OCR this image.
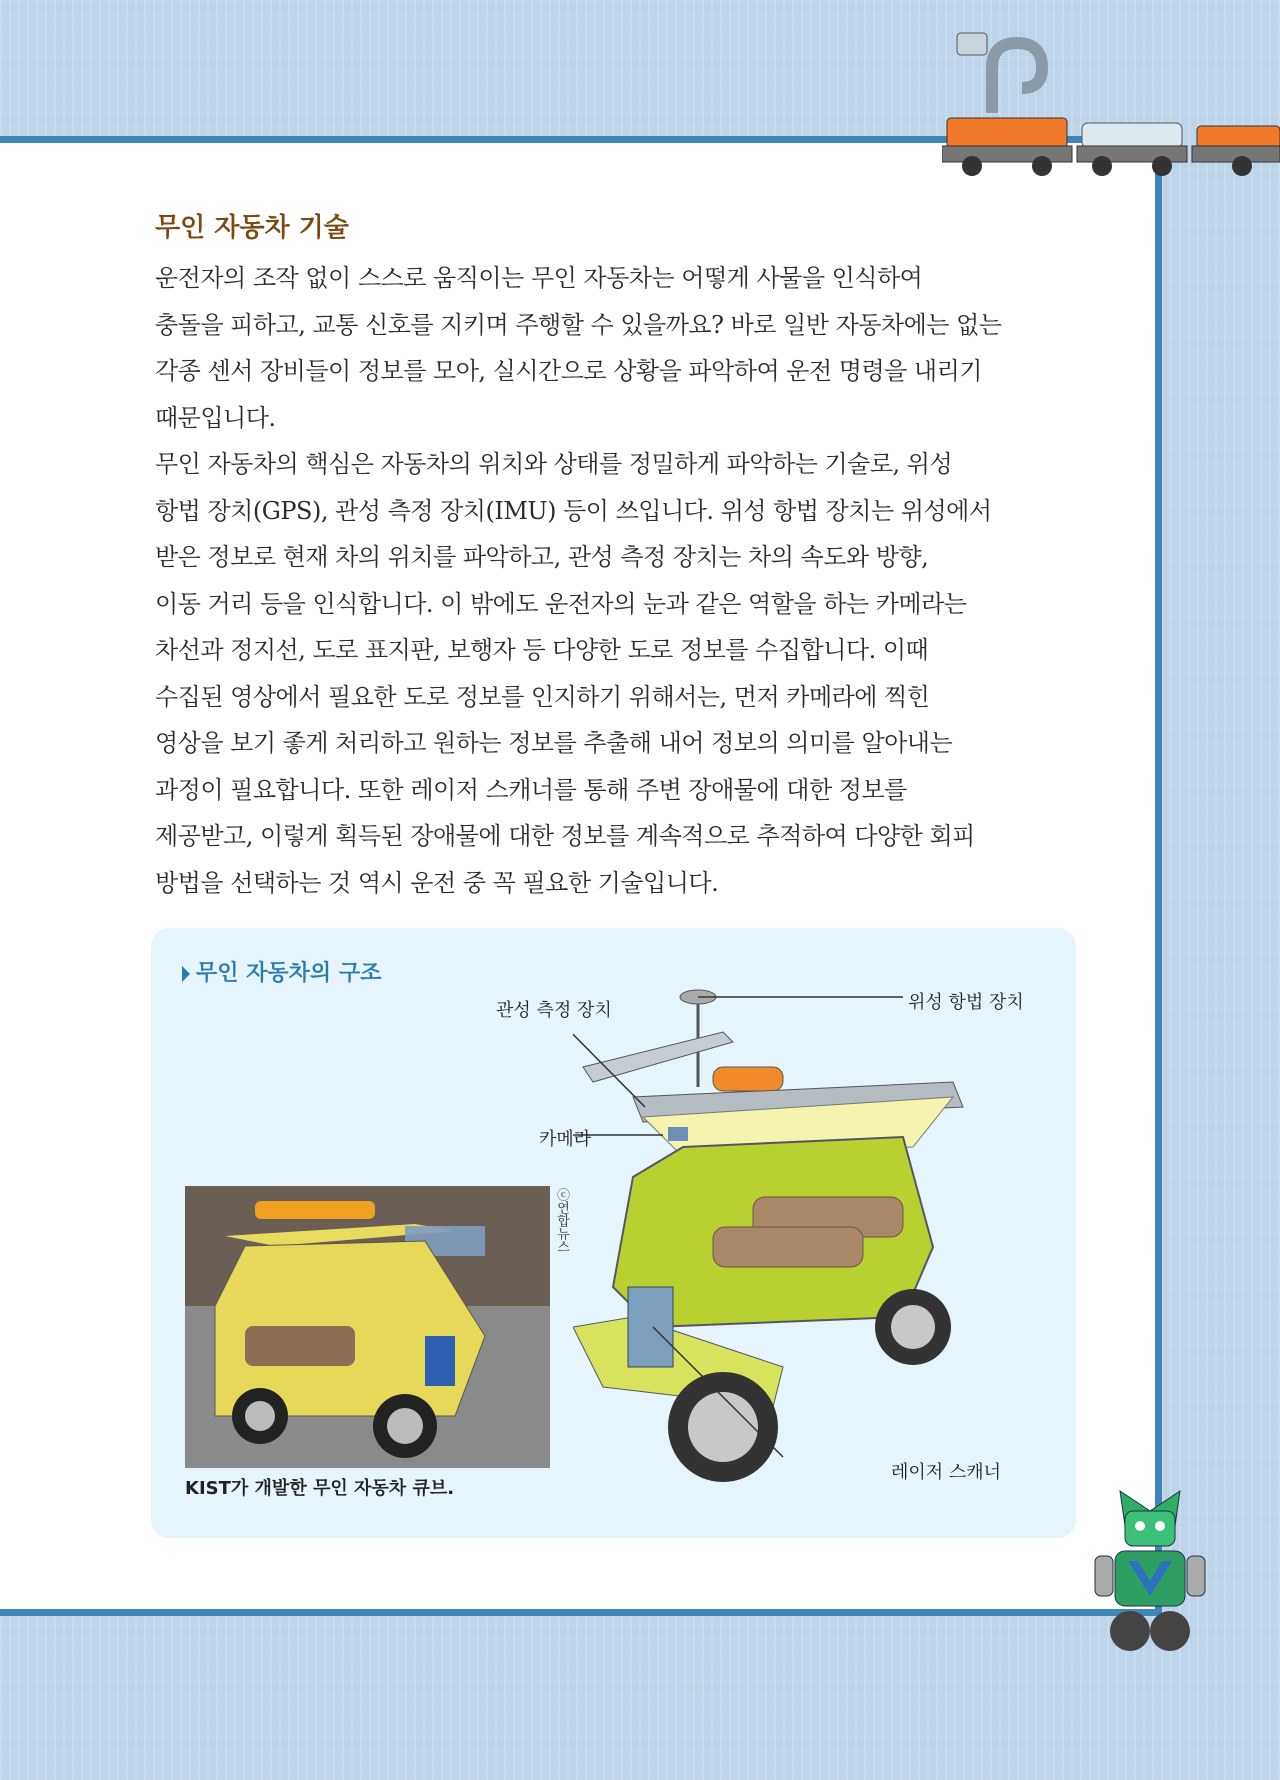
무인 자동차 기술

운전자의 조작 없이 스스로 움직이는 무인 자동차는 어떻게 사물을 인식하여

충돌을 피하고, 교통 신호를 지키며 주행할 수 있을까요? 바로 일반 자동차에는 없는

각종 센서 장비들이 정보를 모아, 실시간으로 상황을 파악하여 운전 명령을 내리기

때문입니다.

무인 자동차의 핵심은 자동차의 위치와 상태를 정밀하게 파악하는 기술로, 위성

항법 장치(GPS), 관성 측정 장치(IMU) 등이 쓰입니다. 위성 항법 장치는 위성에서

받은 정보로 현재 차의 위치를 파악하고, 관성 측정 장치는 차의 속도와 방향,

이동 거리 등을 인식합니다. 이 밖에도 운전자의 눈과 같은 역할을 하는 카메라는

차선과 정지선, 도로 표지판, 보행자 등 다양한 도로 정보를 수집합니다. 이때

수집된 영상에서 필요한 도로 정보를 인지하기 위해서는, 먼저 카메라에 찍힌

영상을 보기 좋게 처리하고 원하는 정보를 추출해 내어 정보의 의미를 알아내는

과정이 필요합니다. 또한 레이저 스캐너를 통해 주변 장애물에 대한 정보를

제공받고, 이렇게 획득된 장애물에 대한 정보를 계속적으로 추적하여 다양한 회피

방법을 선택하는 것 역시 운전 중 꼭 필요한 기술입니다.

무인 자동차의 구조
ⓒ연합뉴스
KIST가 개발한 무인 자동차 큐브.
관성 측정 장치	위성 항법 장치
카메라
레이저 스캐너
